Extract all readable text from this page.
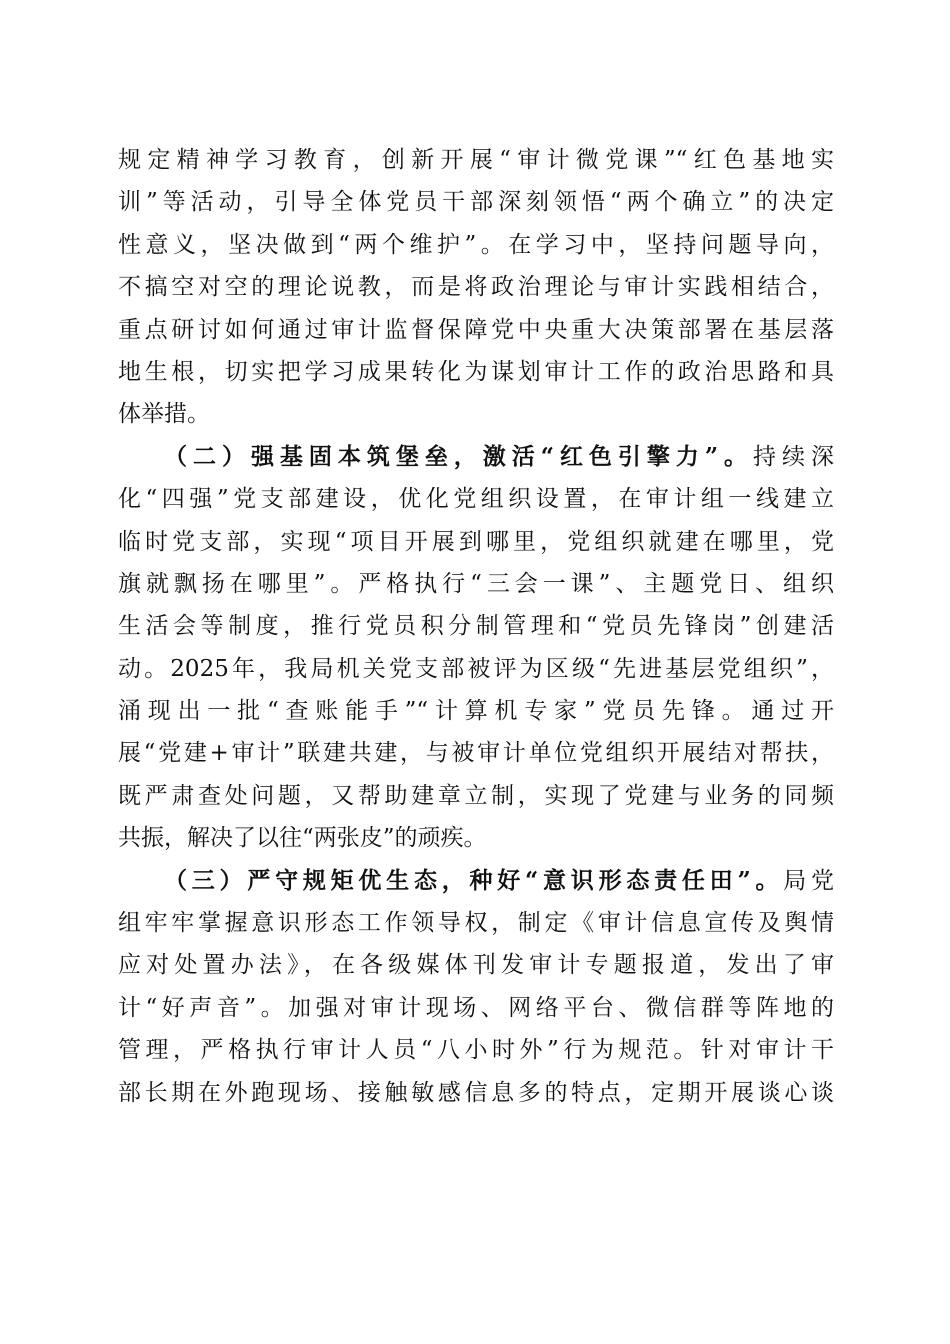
规定精神学习教育，创新开展“审计微党课”“红色基地实
训”等活动，引导全体党员干部深刻领悟“两个确立”的决定
性意义，坚决做到“两个维护”。在学习中，坚持问题导向，
不搞空对空的理论说教，而是将政治理论与审计实践相结合，
重点研讨如何通过审计监督保障党中央重大决策部署在基层落
地生根，切实把学习成果转化为谋划审计工作的政治思路和具
体举措。
（二）强基固本筑堡垒，激活“红色引擎力”。持续深
化“四强”党支部建设，优化党组织设置，在审计组一线建立
临时党支部，实现“项目开展到哪里，党组织就建在哪里，党
旗就飘扬在哪里”。严格执行“三会一课”、主题党日、组织
生活会等制度，推行党员积分制管理和“党员先锋岗”创建活
动。2025年，我局机关党支部被评为区级“先进基层党组织”，
涌现出一批“查账能手”“计算机专家”党员先锋。通过开
展“党建+审计”联建共建，与被审计单位党组织开展结对帮扶，
既严肃查处问题，又帮助建章立制，实现了党建与业务的同频
共振，解决了以往“两张皮”的顽疾。
（三）严守规矩优生态，种好“意识形态责任田”。局党
组牢牢掌握意识形态工作领导权，制定《审计信息宣传及舆情
应对处置办法》，在各级媒体刊发审计专题报道，发出了审
计“好声音”。加强对审计现场、网络平台、微信群等阵地的
管理，严格执行审计人员“八小时外”行为规范。针对审计干
部长期在外跑现场、接触敏感信息多的特点，定期开展谈心谈
